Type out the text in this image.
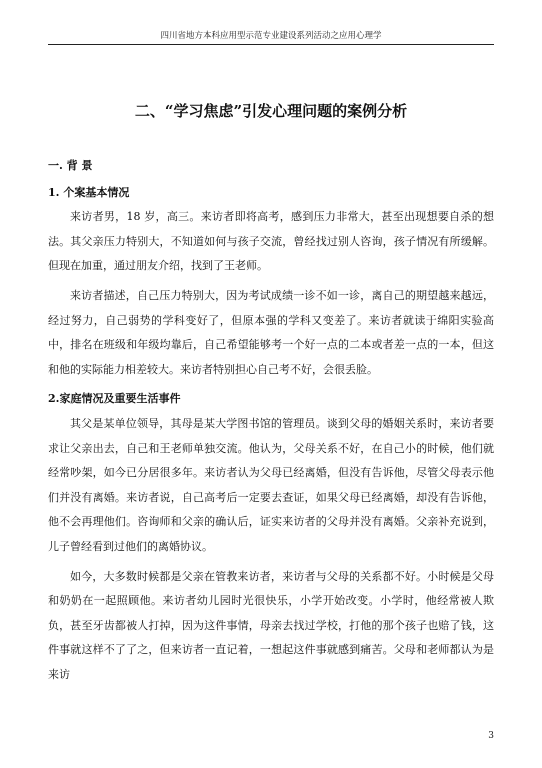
四川省地方本科应用型示范专业建设系列活动之应用心理学
二、“学习焦虑”引发心理问题的案例分析

一. 背 景

1. 个案基本情况

来访者男，18 岁，高三。来访者即将高考，感到压力非常大，甚至出现想要自杀的想法。其父亲压力特别大，不知道如何与孩子交流，曾经找过别人咨询，孩子情况有所缓解。但现在加重，通过朋友介绍，找到了王老师。

来访者描述，自己压力特别大，因为考试成绩一诊不如一诊，离自己的期望越来越远，经过努力，自己弱势的学科变好了，但原本强的学科又变差了。来访者就读于绵阳实验高中，排名在班级和年级均靠后，自己希望能够考一个好一点的二本或者差一点的一本，但这和他的实际能力相差较大。来访者特别担心自己考不好，会很丢脸。

2.家庭情况及重要生活事件

其父是某单位领导，其母是某大学图书馆的管理员。谈到父母的婚姻关系时，来访者要求让父亲出去，自己和王老师单独交流。他认为，父母关系不好，在自己小的时候，他们就经常吵架，如今已分居很多年。来访者认为父母已经离婚，但没有告诉他，尽管父母表示他们并没有离婚。来访者说，自己高考后一定要去查证，如果父母已经离婚，却没有告诉他，他不会再理他们。咨询师和父亲的确认后，证实来访者的父母并没有离婚。父亲补充说到，儿子曾经看到过他们的离婚协议。

如今，大多数时候都是父亲在管教来访者，来访者与父母的关系都不好。小时候是父母和奶奶在一起照顾他。来访者幼儿园时光很快乐，小学开始改变。小学时，他经常被人欺负，甚至牙齿都被人打掉，因为这件事情，母亲去找过学校，打他的那个孩子也赔了钱，这件事就这样不了了之，但来访者一直记着，一想起这件事就感到痛苦。父母和老师都认为是来访

3
